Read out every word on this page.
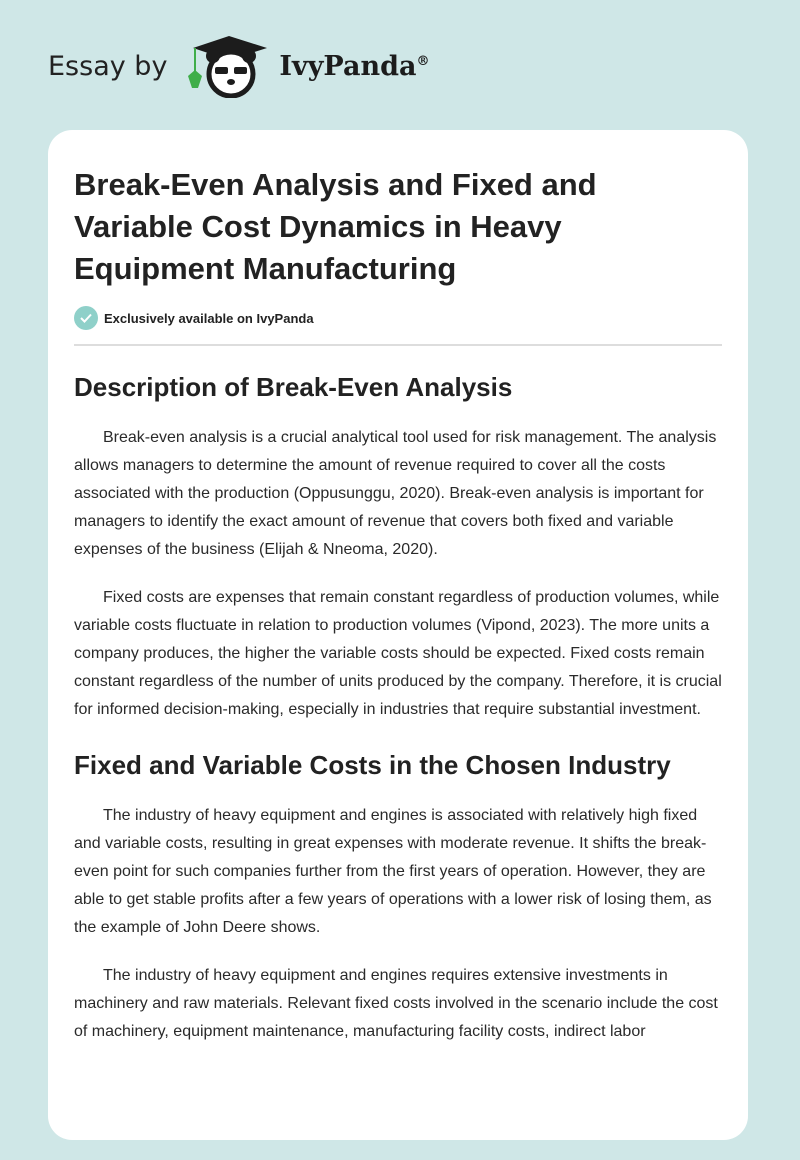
Essay by	IvyPanda®
Break-Even Analysis and Fixed and Variable Cost Dynamics in Heavy Equipment Manufacturing
Exclusively available on IvyPanda
Description of Break-Even Analysis

Break-even analysis is a crucial analytical tool used for risk management. The analysis allows managers to determine the amount of revenue required to cover all the costs associated with the production (Oppusunggu, 2020). Break-even analysis is important for managers to identify the exact amount of revenue that covers both fixed and variable expenses of the business (Elijah & Nneoma, 2020).

Fixed costs are expenses that remain constant regardless of production volumes, while variable costs fluctuate in relation to production volumes (Vipond, 2023). The more units a company produces, the higher the variable costs should be expected. Fixed costs remain constant regardless of the number of units produced by the company. Therefore, it is crucial for informed decision-making, especially in industries that require substantial investment.

Fixed and Variable Costs in the Chosen Industry

The industry of heavy equipment and engines is associated with relatively high fixed and variable costs, resulting in great expenses with moderate revenue. It shifts the break-even point for such companies further from the first years of operation. However, they are able to get stable profits after a few years of operations with a lower risk of losing them, as the example of John Deere shows.

The industry of heavy equipment and engines requires extensive investments in machinery and raw materials. Relevant fixed costs involved in the scenario include the cost of machinery, equipment maintenance, manufacturing facility costs, indirect labor
